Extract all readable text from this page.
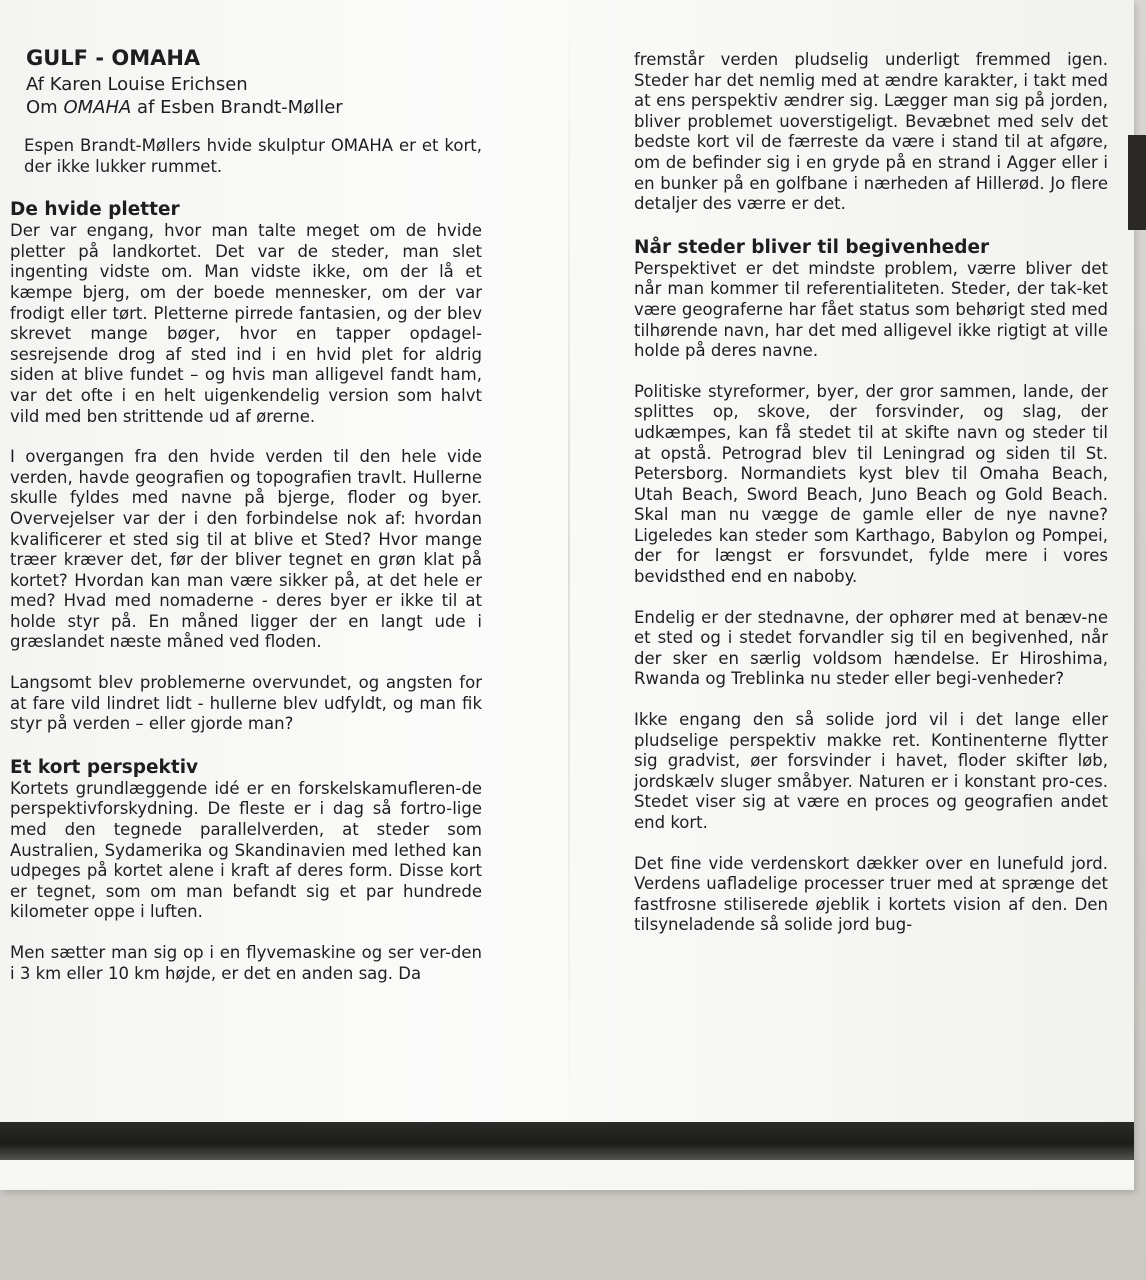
GULF - OMAHA
Af Karen Louise Erichsen
Om OMAHA af Esben Brandt-Møller

Espen Brandt-Møllers hvide skulptur OMAHA er et kort, der ikke lukker rummet.

De hvide pletter

Der var engang, hvor man talte meget om de hvide pletter på landkortet. Det var de steder, man slet ingenting vidste om. Man vidste ikke, om der lå et kæmpe bjerg, om der boede mennesker, om der var frodigt eller tørt. Pletterne pirrede fantasien, og der blev skrevet mange bøger, hvor en tapper opdagel-sesrejsende drog af sted ind i en hvid plet for aldrig siden at blive fundet – og hvis man alligevel fandt ham, var det ofte i en helt uigenkendelig version som halvt vild med ben strittende ud af ørerne.

I overgangen fra den hvide verden til den hele vide verden, havde geografien og topografien travlt. Hullerne skulle fyldes med navne på bjerge, floder og byer. Overvejelser var der i den forbindelse nok af: hvordan kvalificerer et sted sig til at blive et Sted? Hvor mange træer kræver det, før der bliver tegnet en grøn klat på kortet? Hvordan kan man være sikker på, at det hele er med? Hvad med nomaderne - deres byer er ikke til at holde styr på. En måned ligger der en langt ude i græslandet næste måned ved floden.

Langsomt blev problemerne overvundet, og angsten for at fare vild lindret lidt - hullerne blev udfyldt, og man fik styr på verden – eller gjorde man?

Et kort perspektiv

Kortets grundlæggende idé er en forskelskamufleren-de perspektivforskydning. De fleste er i dag så fortro-lige med den tegnede parallelverden, at steder som Australien, Sydamerika og Skandinavien med lethed kan udpeges på kortet alene i kraft af deres form. Disse kort er tegnet, som om man befandt sig et par hundrede kilometer oppe i luften.

Men sætter man sig op i en flyvemaskine og ser ver-den i 3 km eller 10 km højde, er det en anden sag. Da

fremstår verden pludselig underligt fremmed igen. Steder har det nemlig med at ændre karakter, i takt med at ens perspektiv ændrer sig. Lægger man sig på jorden, bliver problemet uoverstigeligt. Bevæbnet med selv det bedste kort vil de færreste da være i stand til at afgøre, om de befinder sig i en gryde på en strand i Agger eller i en bunker på en golfbane i nærheden af Hillerød. Jo flere detaljer des værre er det.

Når steder bliver til begivenheder

Perspektivet er det mindste problem, værre bliver det når man kommer til referentialiteten. Steder, der tak-ket være geograferne har fået status som behørigt sted med tilhørende navn, har det med alligevel ikke rigtigt at ville holde på deres navne.

Politiske styreformer, byer, der gror sammen, lande, der splittes op, skove, der forsvinder, og slag, der udkæmpes, kan få stedet til at skifte navn og steder til at opstå. Petrograd blev til Leningrad og siden til St. Petersborg. Normandiets kyst blev til Omaha Beach, Utah Beach, Sword Beach, Juno Beach og Gold Beach. Skal man nu vægge de gamle eller de nye navne? Ligeledes kan steder som Karthago, Babylon og Pompei, der for længst er forsvundet, fylde mere i vores bevidsthed end en naboby.

Endelig er der stednavne, der ophører med at benæv-ne et sted og i stedet forvandler sig til en begivenhed, når der sker en særlig voldsom hændelse. Er Hiroshima, Rwanda og Treblinka nu steder eller begi-venheder?

Ikke engang den så solide jord vil i det lange eller pludselige perspektiv makke ret. Kontinenterne flytter sig gradvist, øer forsvinder i havet, floder skifter løb, jordskælv sluger småbyer. Naturen er i konstant pro-ces. Stedet viser sig at være en proces og geografien andet end kort.

Det fine vide verdenskort dækker over en lunefuld jord. Verdens uafladelige processer truer med at sprænge det fastfrosne stiliserede øjeblik i kortets vision af den. Den tilsyneladende så solide jord bug-
